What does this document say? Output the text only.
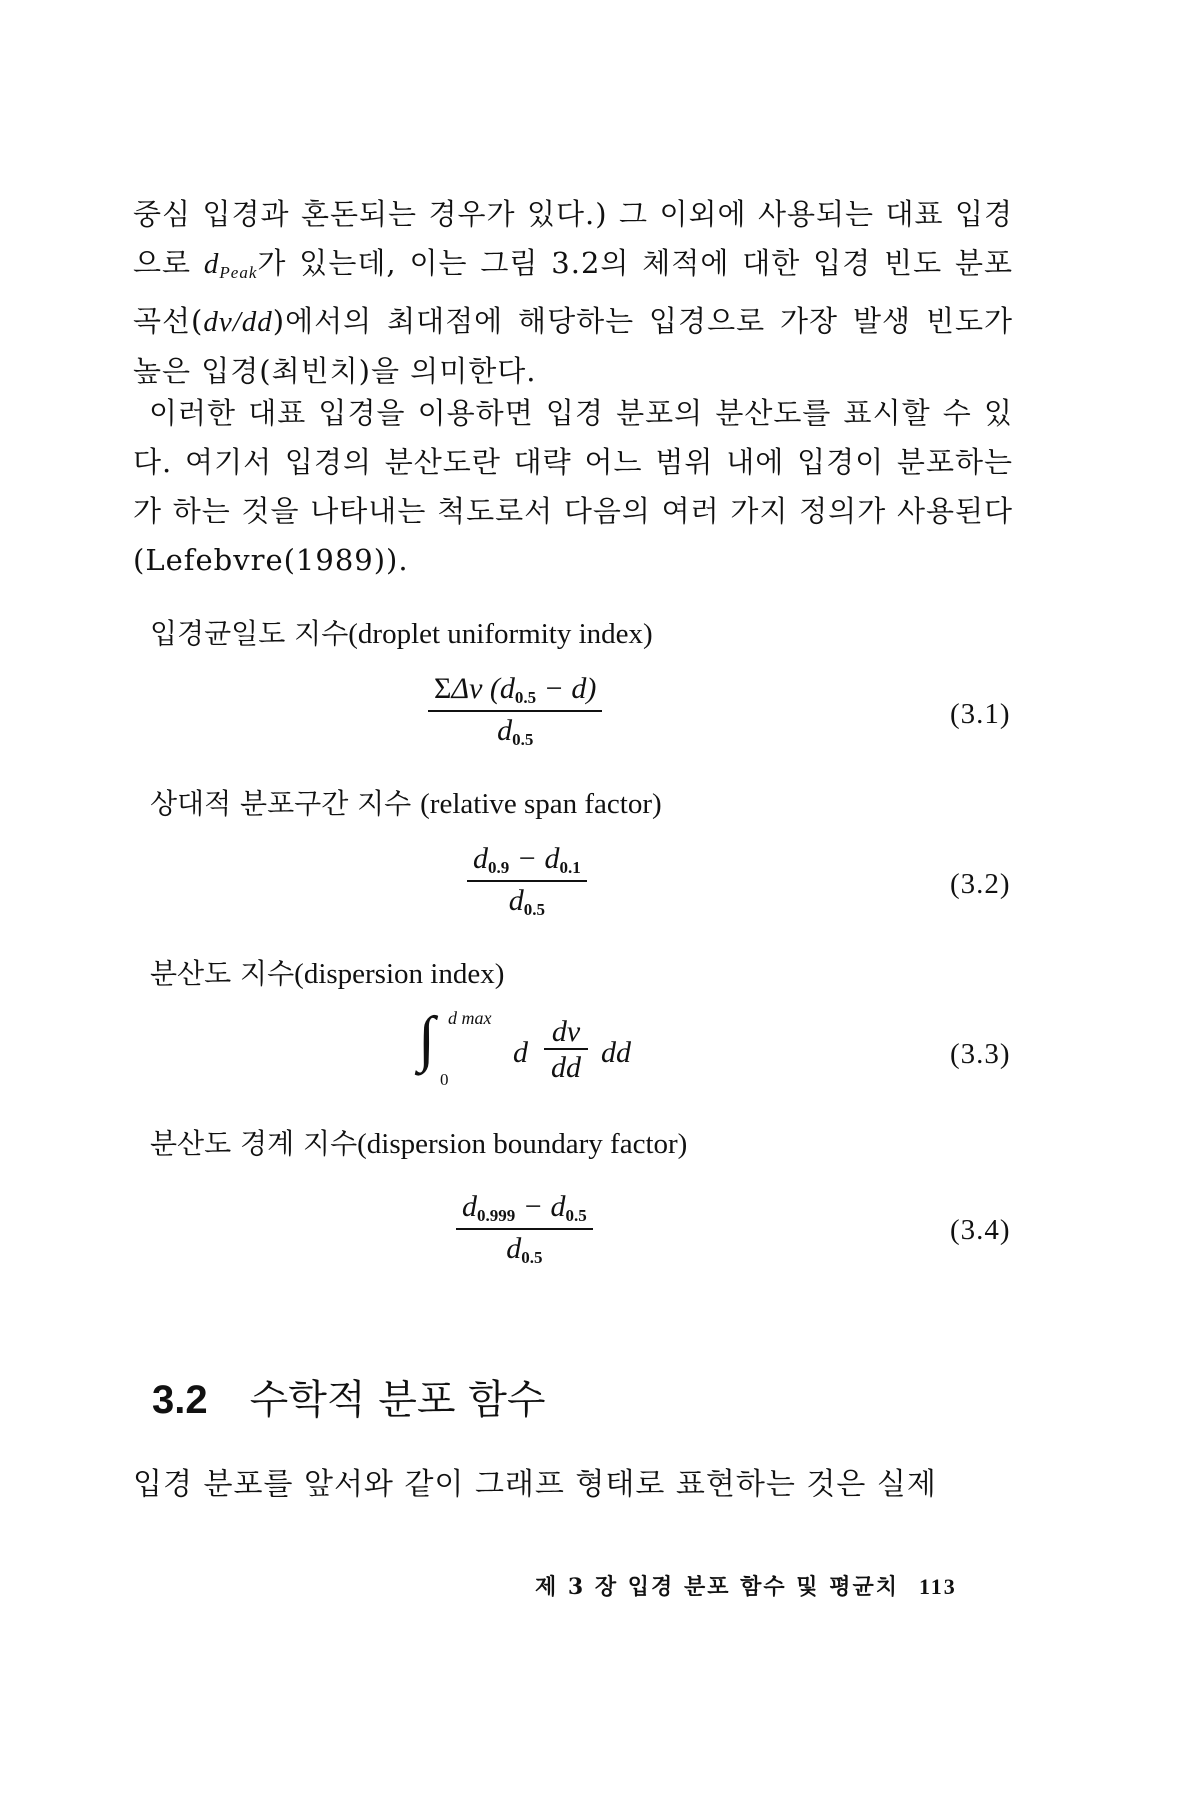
중심 입경과 혼돈되는 경우가 있다.) 그 이외에 사용되는 대표 입경으로 $d_{Peak}$가 있는데, 이는 그림 3.2의 체적에 대한 입경 빈도 분포 곡선(dv/dd)에서의 최대점에 해당하는 입경으로 가장 발생 빈도가 높은 입경(최빈치)을 의미한다.

이러한 대표 입경을 이용하면 입경 분포의 분산도를 표시할 수 있다. 여기서 입경의 분산도란 대략 어느 범위 내에 입경이 분포하는가 하는 것을 나타내는 척도로서 다음의 여러 가지 정의가 사용된다(Lefebvre(1989)).

입경균일도 지수(droplet uniformity index)

ΣΔv $(d_{0.5} - d)$
$d_{0.5}$
(3.1)

상대적 분포구간 지수 (relative span factor)

$\frac{d_{0.9} - d_{0.1}}{d_{0.5}}$	(3.2)

분산도 지수(dispersion index)

∫ d max
0
d
dv
dd dd	(3.3)

분산도 경계 지수(dispersion boundary factor)

$\frac{d_{0.999} - d_{0.5}}{d_{0.5}}$	(3.4)
3.2 수학적 분포 함수

입경 분포를 앞서와 같이 그래프 형태로 표현하는 것은 실제

제 3 장 입경 분포 함수 및 평균치 113
